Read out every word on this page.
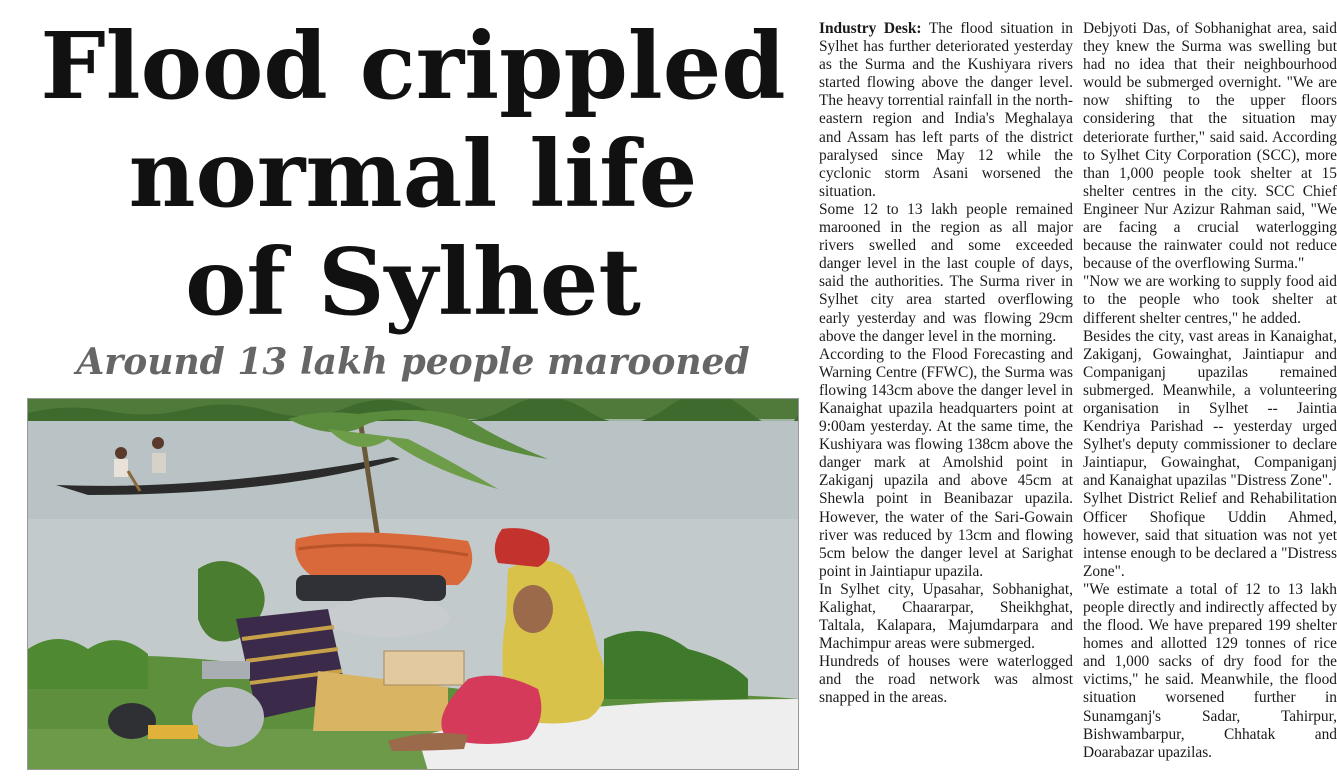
Flood crippled
normal life
of Sylhet
Around 13 lakh people marooned

Industry Desk: The flood situation in Sylhet has further deteriorated yesterday as the Surma and the Kushiyara rivers started flowing above the danger level. The heavy torrential rainfall in the north-eastern region and India's Meghalaya and Assam has left parts of the district paralysed since May 12 while the cyclonic storm Asani worsened the situation.

Some 12 to 13 lakh people remained marooned in the region as all major rivers swelled and some exceeded danger level in the last couple of days, said the authorities. The Surma river in Sylhet city area started overflowing early yesterday and was flowing 29cm above the danger level in the morning.

According to the Flood Forecasting and Warning Centre (FFWC), the Surma was flowing 143cm above the danger level in Kanaighat upazila headquarters point at 9:00am yesterday. At the same time, the Kushiyara was flowing 138cm above the danger mark at Amolshid point in Zakiganj upazila and above 45cm at Shewla point in Beanibazar upazila. However, the water of the Sari-Gowain river was reduced by 13cm and flowing 5cm below the danger level at Sarighat point in Jaintiapur upazila.

In Sylhet city, Upasahar, Sobhanighat, Kalighat, Chaararpar, Sheikhghat, Taltala, Kalapara, Majumdarpara and Machimpur areas were submerged.

Hundreds of houses were waterlogged and the road network was almost snapped in the areas.

Debjyoti Das, of Sobhanighat area, said they knew the Surma was swelling but had no idea that their neighbourhood would be submerged overnight. "We are now shifting to the upper floors considering that the situation may deteriorate further," said said. According to Sylhet City Corporation (SCC), more than 1,000 people took shelter at 15 shelter centres in the city. SCC Chief Engineer Nur Azizur Rahman said, "We are facing a crucial waterlogging because the rainwater could not reduce because of the overflowing Surma."

"Now we are working to supply food aid to the people who took shelter at different shelter centres," he added.

Besides the city, vast areas in Kanaighat, Zakiganj, Gowainghat, Jaintiapur and Companiganj upazilas remained submerged. Meanwhile, a volunteering organisation in Sylhet -- Jaintia Kendriya Parishad -- yesterday urged Sylhet's deputy commissioner to declare Jaintiapur, Gowainghat, Companiganj and Kanaighat upazilas "Distress Zone".

Sylhet District Relief and Rehabilitation Officer Shofique Uddin Ahmed, however, said that situation was not yet intense enough to be declared a "Distress Zone".

"We estimate a total of 12 to 13 lakh people directly and indirectly affected by the flood. We have prepared 199 shelter homes and allotted 129 tonnes of rice and 1,000 sacks of dry food for the victims," he said. Meanwhile, the flood situation worsened further in Sunamganj's Sadar, Tahirpur, Bishwambarpur, Chhatak and Doarabazar upazilas.
